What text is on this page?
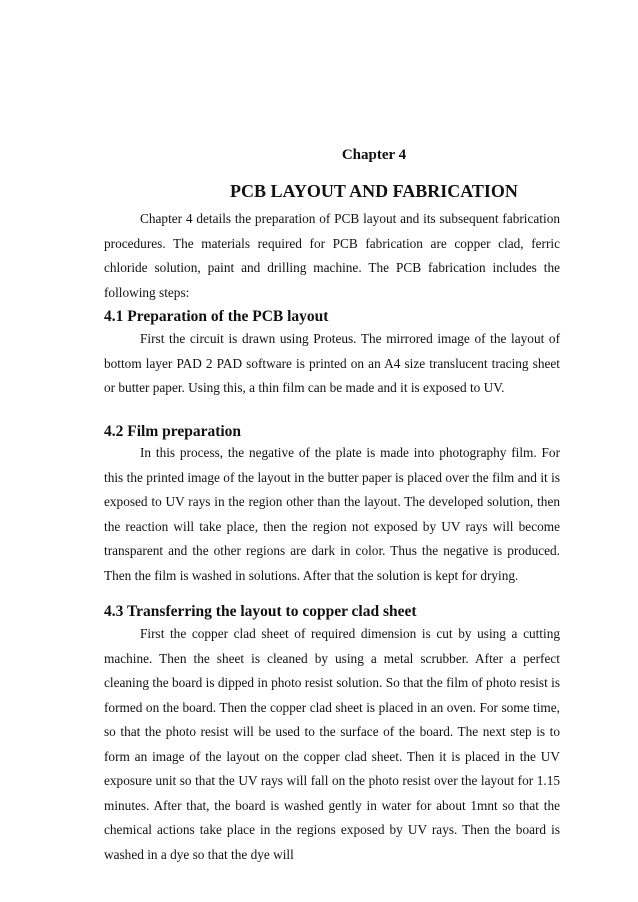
Chapter 4
PCB LAYOUT AND FABRICATION

Chapter 4 details the preparation of PCB layout and its subsequent fabrication procedures. The materials required for PCB fabrication are copper clad, ferric chloride solution, paint and drilling machine. The PCB fabrication includes the following steps:

4.1 Preparation of the PCB layout

First the circuit is drawn using Proteus. The mirrored image of the layout of bottom layer PAD 2 PAD software is printed on an A4 size translucent tracing sheet or butter paper. Using this, a thin film can be made and it is exposed to UV.

4.2 Film preparation

In this process, the negative of the plate is made into photography film. For this the printed image of the layout in the butter paper is placed over the film and it is exposed to UV rays in the region other than the layout. The developed solution, then the reaction will take place, then the region not exposed by UV rays will become transparent and the other regions are dark in color. Thus the negative is produced. Then the film is washed in solutions. After that the solution is kept for drying.

4.3 Transferring the layout to copper clad sheet

First the copper clad sheet of required dimension is cut by using a cutting machine. Then the sheet is cleaned by using a metal scrubber. After a perfect cleaning the board is dipped in photo resist solution. So that the film of photo resist is formed on the board. Then the copper clad sheet is placed in an oven. For some time, so that the photo resist will be used to the surface of the board. The next step is to form an image of the layout on the copper clad sheet. Then it is placed in the UV exposure unit so that the UV rays will fall on the photo resist over the layout for 1.15 minutes. After that, the board is washed gently in water for about 1mnt so that the chemical actions take place in the regions exposed by UV rays. Then the board is washed in a dye so that the dye will
